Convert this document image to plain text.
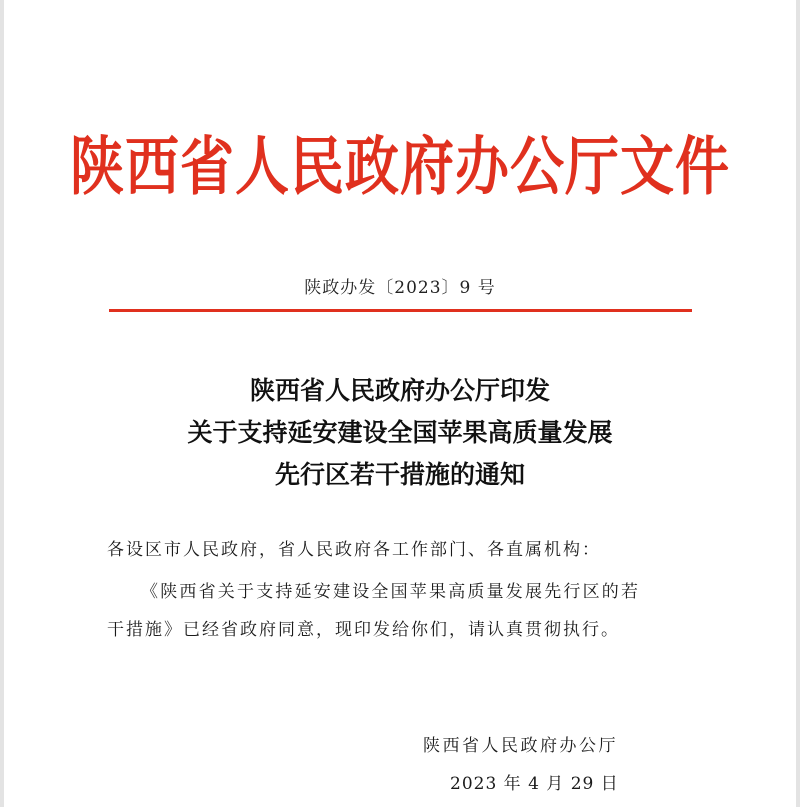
陕西省人民政府办公厅文件
陕政办发〔2023〕9 号
陕西省人民政府办公厅印发
关于支持延安建设全国苹果高质量发展
先行区若干措施的通知
各设区市人民政府，省人民政府各工作部门、各直属机构：
《陕西省关于支持延安建设全国苹果高质量发展先行区的若
干措施》已经省政府同意，现印发给你们，请认真贯彻执行。
陕西省人民政府办公厅
2023 年 4 月 29 日
